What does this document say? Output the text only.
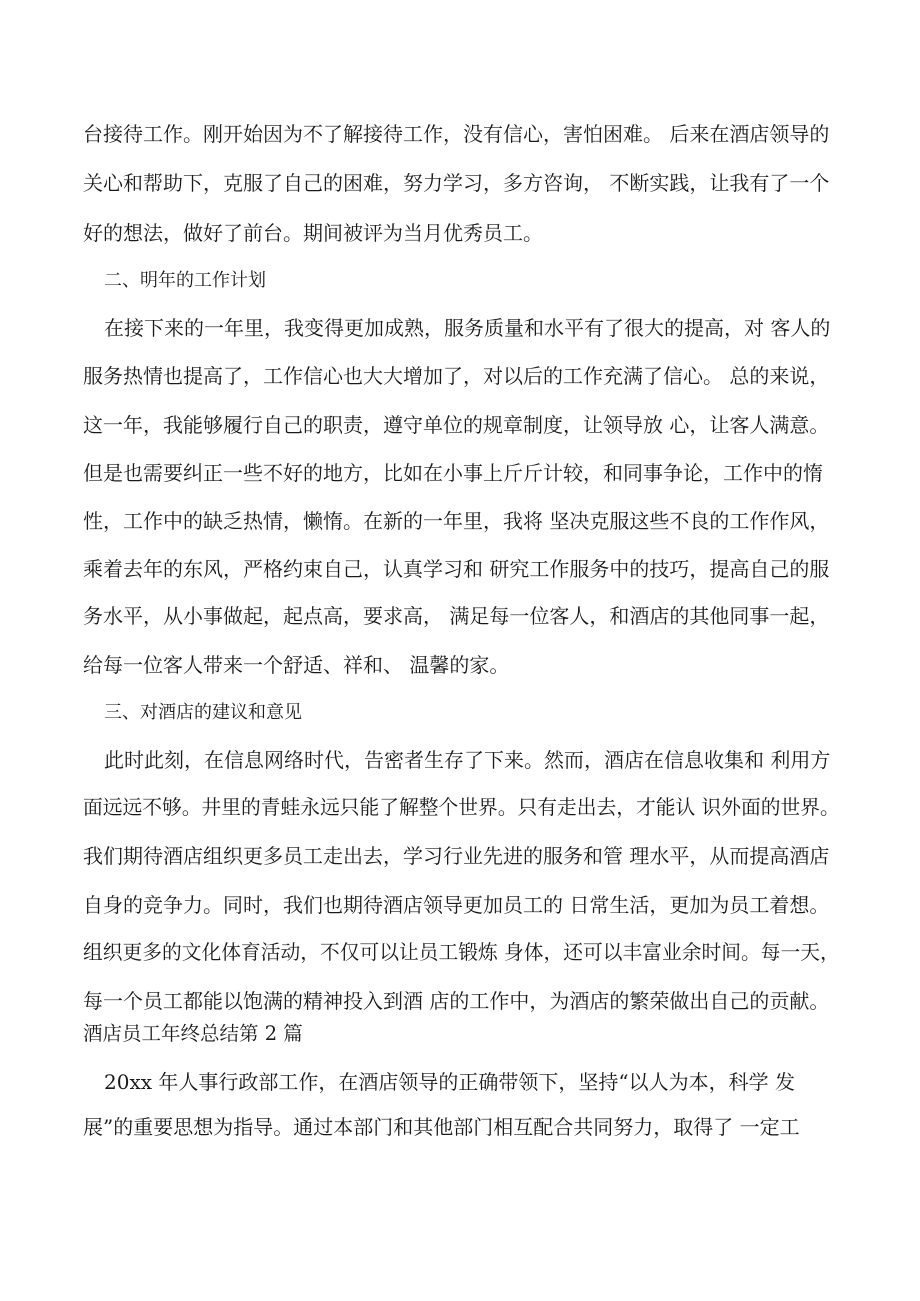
台接待工作。刚开始因为不了解接待工作，没有信心，害怕困难。 后来在酒店领导的
关心和帮助下，克服了自己的困难，努力学习，多方咨询， 不断实践，让我有了一个
好的想法，做好了前台。期间被评为当月优秀员工。
二、明年的工作计划
在接下来的一年里，我变得更加成熟，服务质量和水平有了很大的提高，对 客人的
服务热情也提高了，工作信心也大大增加了，对以后的工作充满了信心。 总的来说，
这一年，我能够履行自己的职责，遵守单位的规章制度，让领导放 心，让客人满意。
但是也需要纠正一些不好的地方，比如在小事上斤斤计较，和同事争论，工作中的惰
性，工作中的缺乏热情，懒惰。在新的一年里，我将 坚决克服这些不良的工作作风，
乘着去年的东风，严格约束自己，认真学习和 研究工作服务中的技巧，提高自己的服
务水平，从小事做起，起点高，要求高， 满足每一位客人，和酒店的其他同事一起，
给每一位客人带来一个舒适、祥和、 温馨的家。
三、对酒店的建议和意见
此时此刻，在信息网络时代，告密者生存了下来。然而，酒店在信息收集和 利用方
面远远不够。井里的青蛙永远只能了解整个世界。只有走出去，才能认 识外面的世界。
我们期待酒店组织更多员工走出去，学习行业先进的服务和管 理水平，从而提高酒店
自身的竞争力。同时，我们也期待酒店领导更加员工的 日常生活，更加为员工着想。
组织更多的文化体育活动，不仅可以让员工锻炼 身体，还可以丰富业余时间。每一天，
每一个员工都能以饱满的精神投入到酒 店的工作中，为酒店的繁荣做出自己的贡献。
酒店员工年终总结第 2 篇
20xx 年人事行政部工作，在酒店领导的正确带领下，坚持“以人为本，科学 发
展”的重要思想为指导。通过本部门和其他部门相互配合共同努力，取得了 一定工
